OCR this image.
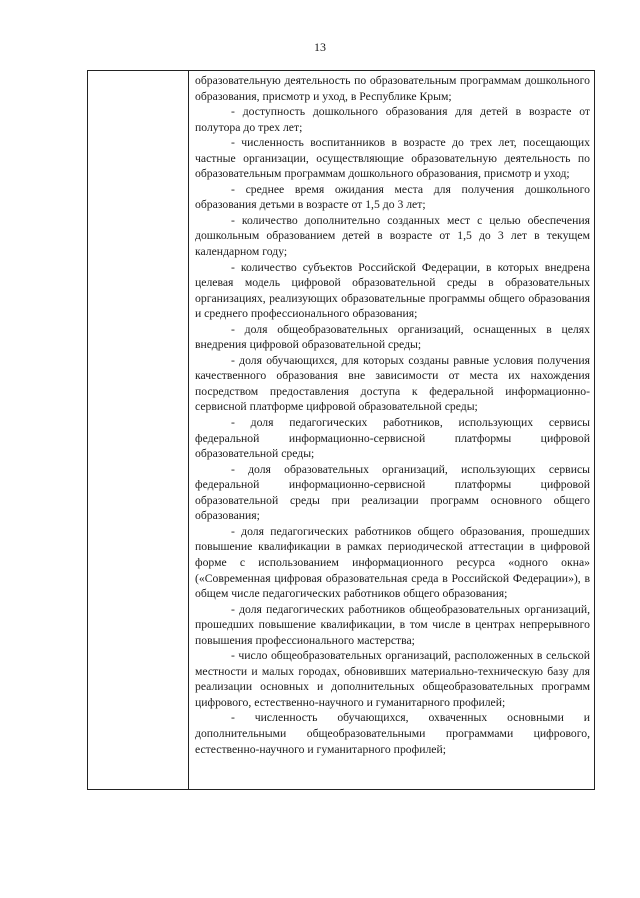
13

образовательную деятельность по образовательным программам дошкольного образования, присмотр и уход, в Республике Крым;

- доступность дошкольного образования для детей в возрасте от полутора до трех лет;

- численность воспитанников в возрасте до трех лет, посещающих частные организации, осуществляющие образовательную деятельность по образовательным программам дошкольного образования, присмотр и уход;

- среднее время ожидания места для получения дошкольного образования детьми в возрасте от 1,5 до 3 лет;

- количество дополнительно созданных мест с целью обеспечения дошкольным образованием детей в возрасте от 1,5 до 3 лет в текущем календарном году;

- количество субъектов Российской Федерации, в которых внедрена целевая модель цифровой образовательной среды в образовательных организациях, реализующих образовательные программы общего образования и среднего профессионального образования;

- доля общеобразовательных организаций, оснащенных в целях внедрения цифровой образовательной среды;

- доля обучающихся, для которых созданы равные условия получения качественного образования вне зависимости от места их нахождения посредством предоставления доступа к федеральной информационно-сервисной платформе цифровой образовательной среды;

- доля педагогических работников, использующих сервисы федеральной информационно-сервисной платформы цифровой образовательной среды;

- доля образовательных организаций, использующих сервисы федеральной информационно-сервисной платформы цифровой образовательной среды при реализации программ основного общего образования;

- доля педагогических работников общего образования, прошедших повышение квалификации в рамках периодической аттестации в цифровой форме с использованием информационного ресурса «одного окна» («Современная цифровая образовательная среда в Российской Федерации»), в общем числе педагогических работников общего образования;

- доля педагогических работников общеобразовательных организаций, прошедших повышение квалификации, в том числе в центрах непрерывного повышения профессионального мастерства;

- число общеобразовательных организаций, расположенных в сельской местности и малых городах, обновивших материально-техническую базу для реализации основных и дополнительных общеобразовательных программ цифрового, естественно-научного и гуманитарного профилей;

- численность обучающихся, охваченных основными и дополнительными общеобразовательными программами цифрового, естественно-научного и гуманитарного профилей;
